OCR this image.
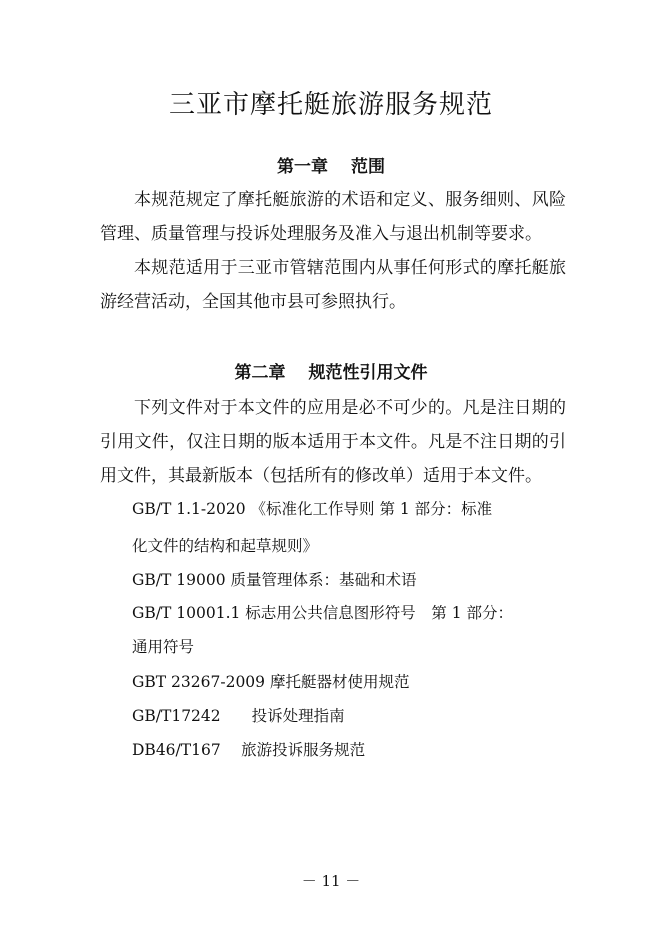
三亚市摩托艇旅游服务规范
第一章　 范围

本规范规定了摩托艇旅游的术语和定义、服务细则、风险管理、质量管理与投诉处理服务及准入与退出机制等要求。

本规范适用于三亚市管辖范围内从事任何形式的摩托艇旅游经营活动，全国其他市县可参照执行。

第二章　 规范性引用文件

下列文件对于本文件的应用是必不可少的。凡是注日期的引用文件，仅注日期的版本适用于本文件。凡是不注日期的引用文件，其最新版本（包括所有的修改单）适用于本文件。

GB/T 1.1-2020 《标准化工作导则 第 1 部分：标准

化文件的结构和起草规则》

GB/T 19000 质量管理体系：基础和术语

GB/T 10001.1 标志用公共信息图形符号　第 1 部分：

通用符号

GBT 23267-2009 摩托艇器材使用规范

GB/T17242　　投诉处理指南

DB46/T167　 旅游投诉服务规范

－ 11 －
